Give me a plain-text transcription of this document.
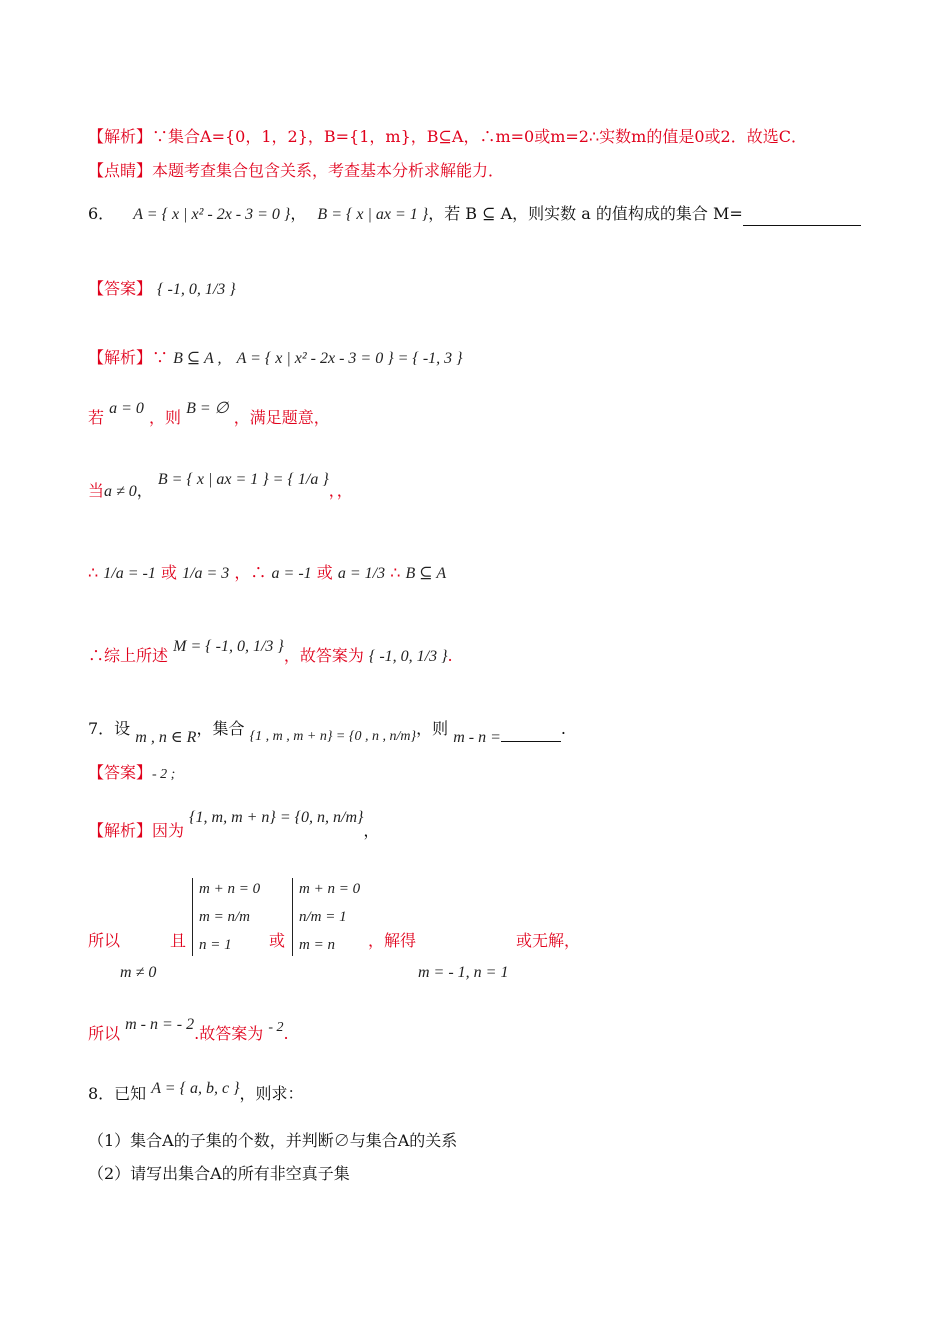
【解析】∵集合A={0，1，2}，B={1，m}，B⊆A，∴m=0或m=2∴实数m的值是0或2．故选C．
【点睛】本题考查集合包含关系，考查基本分析求解能力．
6． A = { x | x² - 2x - 3 = 0 }， B = { x | ax = 1 }，若 B ⊆ A，则实数 a 的值构成的集合 M=
【答案】 { -1, 0, 1/3 }
【解析】∵ B ⊆ A , A = { x | x² - 2x - 3 = 0 } = { -1, 3 }
若 a = 0 ，则 B = ∅ ，满足题意，
当a ≠ 0， B = { x | ax = 1 } = { 1/a }，，
∴ 1/a = -1 或 1/a = 3 ，∴ a = -1 或 a = 1/3 ∴ B ⊆ A
∴综上所述 M = { -1, 0, 1/3 }，故答案为 { -1, 0, 1/3 }.
7．设 m , n ∈ R，集合 {1 , m , m + n} = {0 , n , n/m}，则 m - n =	.
【答案】- 2 ;
【解析】因为 {1, m, m + n} = {0, n, n/m}，
所以
m ≠ 0
且
m + n = 0
m = n/m
n = 1	或
m + n = 0
n/m = 1
m = n	，解得
m = - 1, n = 1
或无解，
所以 m - n = - 2.故答案为 - 2.
8．已知 A = { a, b, c }，则求：
（1）集合A的子集的个数，并判断∅与集合A的关系
（2）请写出集合A的所有非空真子集
